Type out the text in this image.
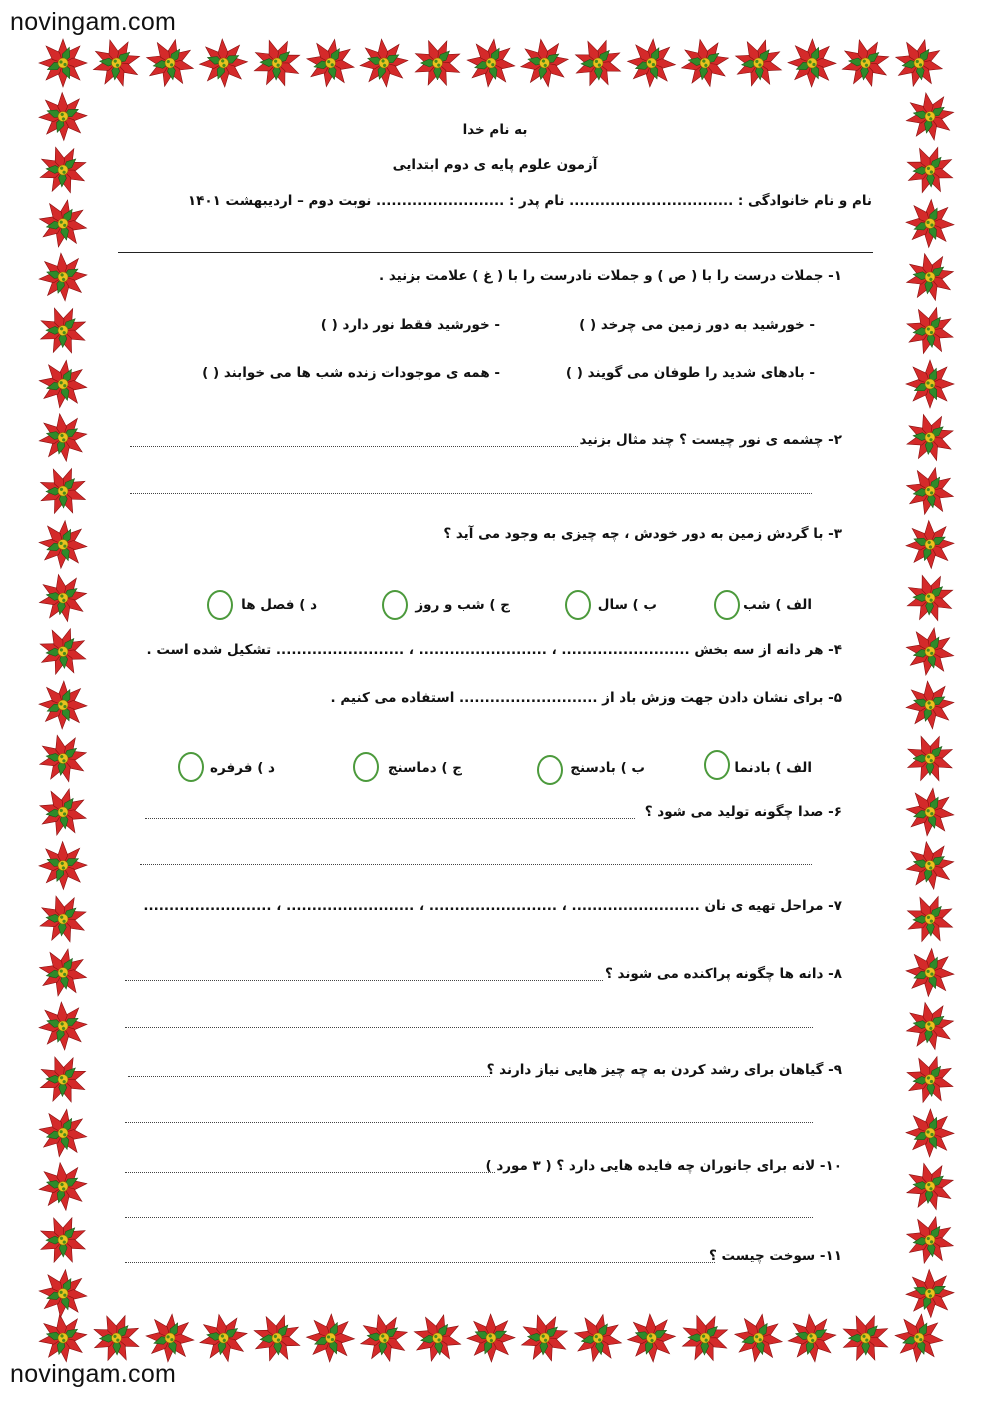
novingam.com
به نام خدا
آزمون علوم پایه ی دوم ابتدایی
نام و نام خانوادگی : ................................ نام پدر : ......................... نوبت دوم – اردیبهشت ۱۴۰۱
۱- جملات درست را با ( ص ) و جملات نادرست را با ( غ ) علامت بزنید .
- خورشید به دور زمین می چرخد ( )
- خورشید فقط نور دارد ( )
- بادهای شدید را طوفان می گویند ( )
- همه ی موجودات زنده شب ها می خوابند ( )
۲- چشمه ی نور چیست ؟ چند مثال بزنید
۳- با گردش زمین به دور خودش ، چه چیزی به وجود می آید ؟
الف ) شب
ب ) سال
ج ) شب و روز
د ) فصل ها
۴- هر دانه از سه بخش ......................... ، ......................... ، ......................... تشکیل شده است .
۵- برای نشان دادن جهت وزش باد از ........................... استفاده می کنیم .
الف ) بادنما
ب ) بادسنج
ج ) دماسنج
د ) فرفره
۶- صدا چگونه تولید می شود ؟
۷- مراحل تهیه ی نان ......................... ، ......................... ، ......................... ، .........................
۸- دانه ها چگونه پراکنده می شوند ؟
۹- گیاهان برای رشد کردن به چه چیز هایی نیاز دارند ؟
۱۰- لانه برای جانوران چه فایده هایی دارد ؟ ( ۳ مورد )
۱۱- سوخت چیست ؟
novingam.com
